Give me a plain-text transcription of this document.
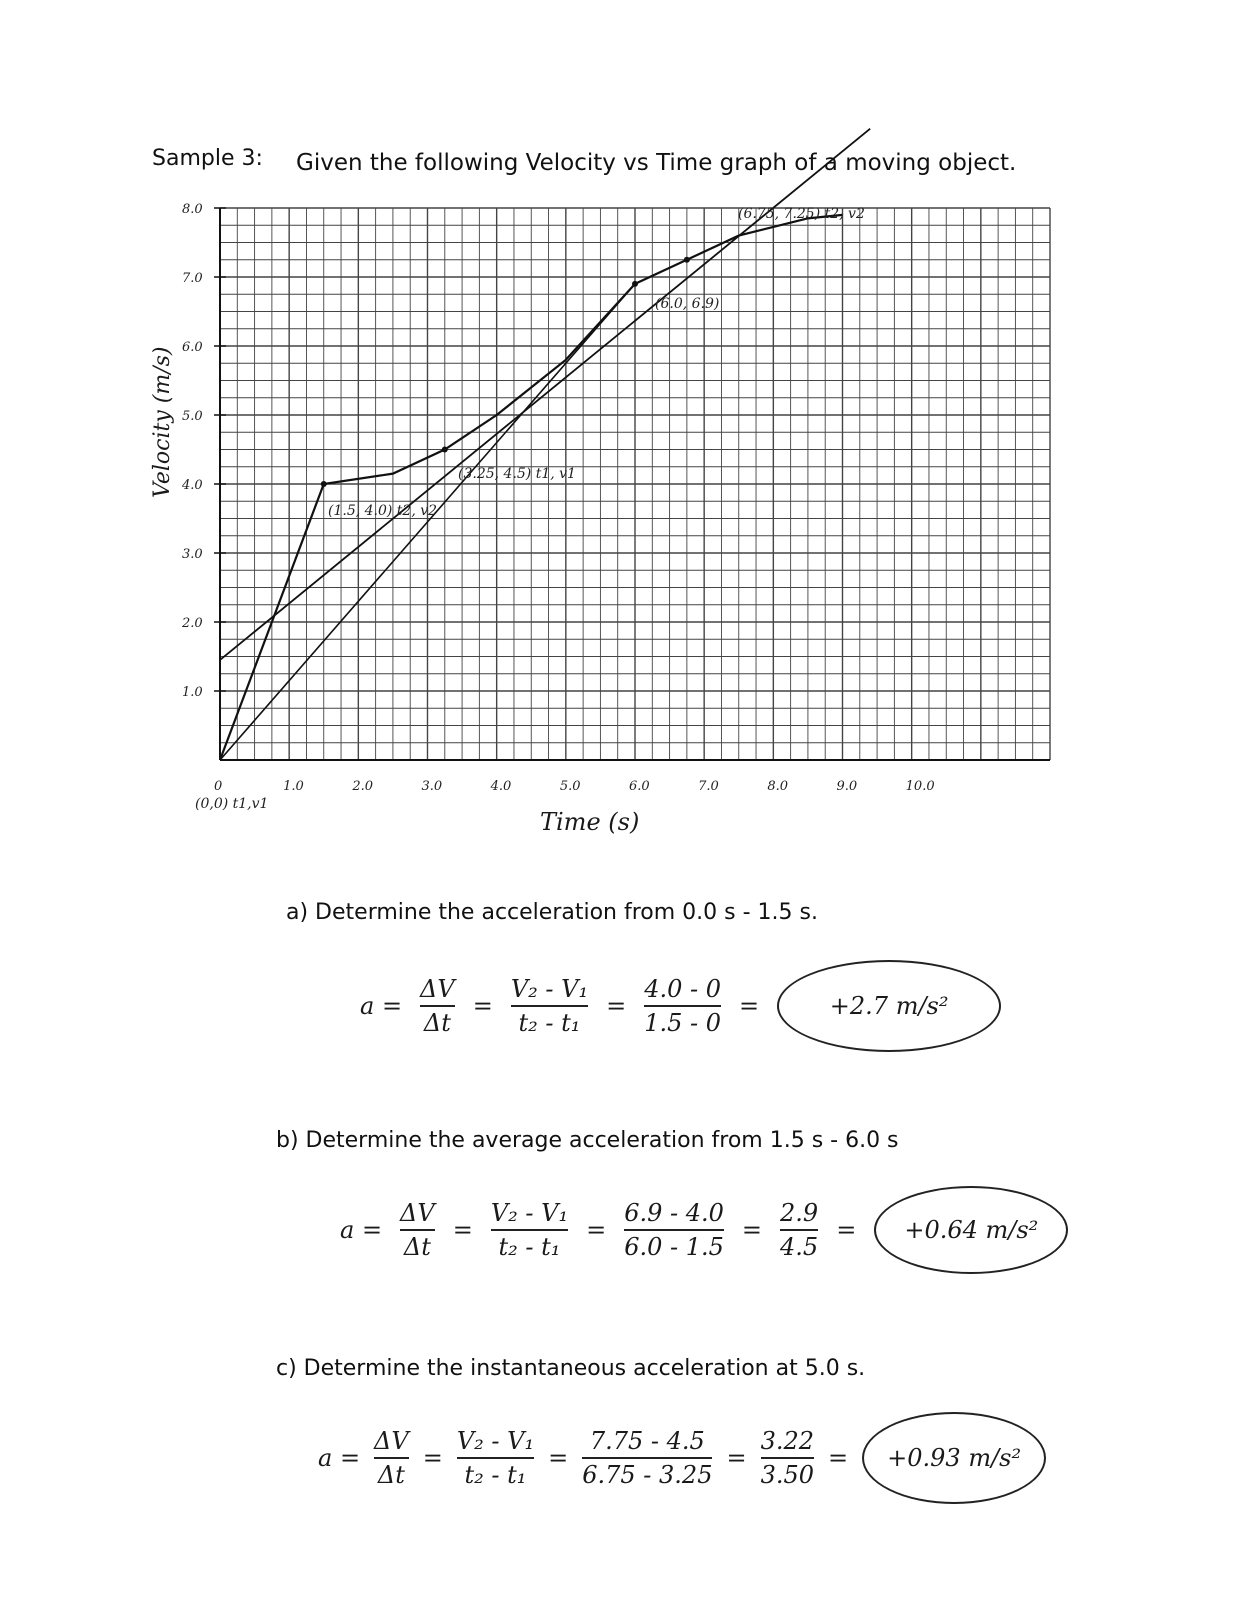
Sample 3: Given the following Velocity vs Time graph of a moving object.
0	1.0	2.0	3.0	4.0	5.0	6.0	7.0	8.0	9.0	10.0
1.0
2.0
3.0
4.0
5.0
6.0
7.0
8.0
(0,0) t1,v1
(1.5, 4.0) t2, v2
(3.25, 4.5) t1, v1
(6.0, 6.9)
(6.75, 7.25) t2, v2
Velocity (m/s)
Time (s)
a) Determine the acceleration from 0.0 s - 1.5 s.
$a = \frac{\Delta V}{\Delta t} = \frac{\text{V₂ - V₁}}{\text{t₂ - t₁}} = \frac{4.0 - 0}{1.5 - 0}$ =	+2.7 m/s²
b) Determine the average acceleration from 1.5 s - 6.0 s
$a = \frac{\Delta V}{\Delta t} = \frac{\text{V₂ - V₁}}{\text{t₂ - t₁}} = \frac{6.9 - 4.0}{6.0 - 1.5} = \frac{2.9}{4.5} = +0.64$ m/s²
c) Determine the instantaneous acceleration at 5.0 s.
$a = \frac{\Delta V}{\Delta t} = \frac{\text{V₂ - V₁}}{\text{t₂ - t₁}} = \frac{7.75 - 4.5}{6.75 - 3.25} = \frac{3.22}{3.50} = +0.93$ m/s²
